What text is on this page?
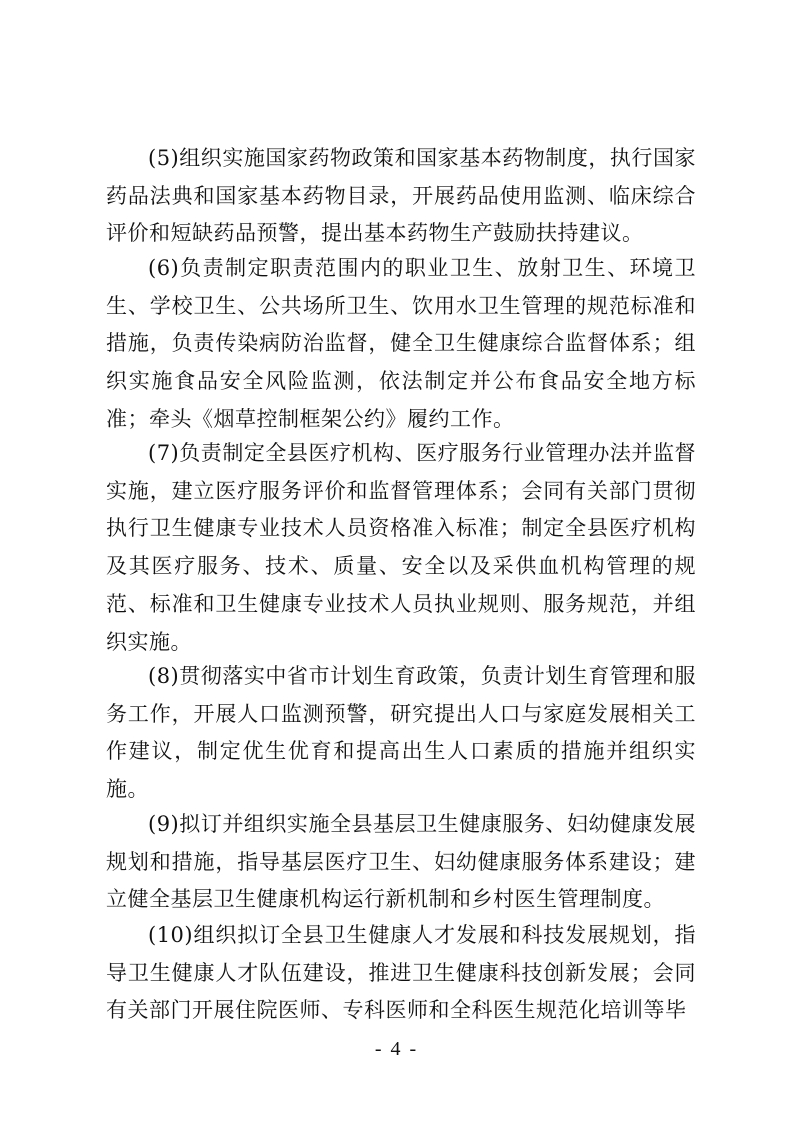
(5)组织实施国家药物政策和国家基本药物制度，执行国家药品法典和国家基本药物目录，开展药品使用监测、临床综合评价和短缺药品预警，提出基本药物生产鼓励扶持建议。

(6)负责制定职责范围内的职业卫生、放射卫生、环境卫生、学校卫生、公共场所卫生、饮用水卫生管理的规范标准和措施，负责传染病防治监督，健全卫生健康综合监督体系；组织实施食品安全风险监测，依法制定并公布食品安全地方标准；牵头《烟草控制框架公约》履约工作。

(7)负责制定全县医疗机构、医疗服务行业管理办法并监督实施，建立医疗服务评价和监督管理体系；会同有关部门贯彻执行卫生健康专业技术人员资格准入标准；制定全县医疗机构及其医疗服务、技术、质量、安全以及采供血机构管理的规范、标准和卫生健康专业技术人员执业规则、服务规范，并组织实施。

(8)贯彻落实中省市计划生育政策，负责计划生育管理和服务工作，开展人口监测预警，研究提出人口与家庭发展相关工作建议，制定优生优育和提高出生人口素质的措施并组织实施。

(9)拟订并组织实施全县基层卫生健康服务、妇幼健康发展规划和措施，指导基层医疗卫生、妇幼健康服务体系建设；建立健全基层卫生健康机构运行新机制和乡村医生管理制度。

(10)组织拟订全县卫生健康人才发展和科技发展规划，指导卫生健康人才队伍建设，推进卫生健康科技创新发展；会同有关部门开展住院医师、专科医师和全科医生规范化培训等毕

- 4 -
